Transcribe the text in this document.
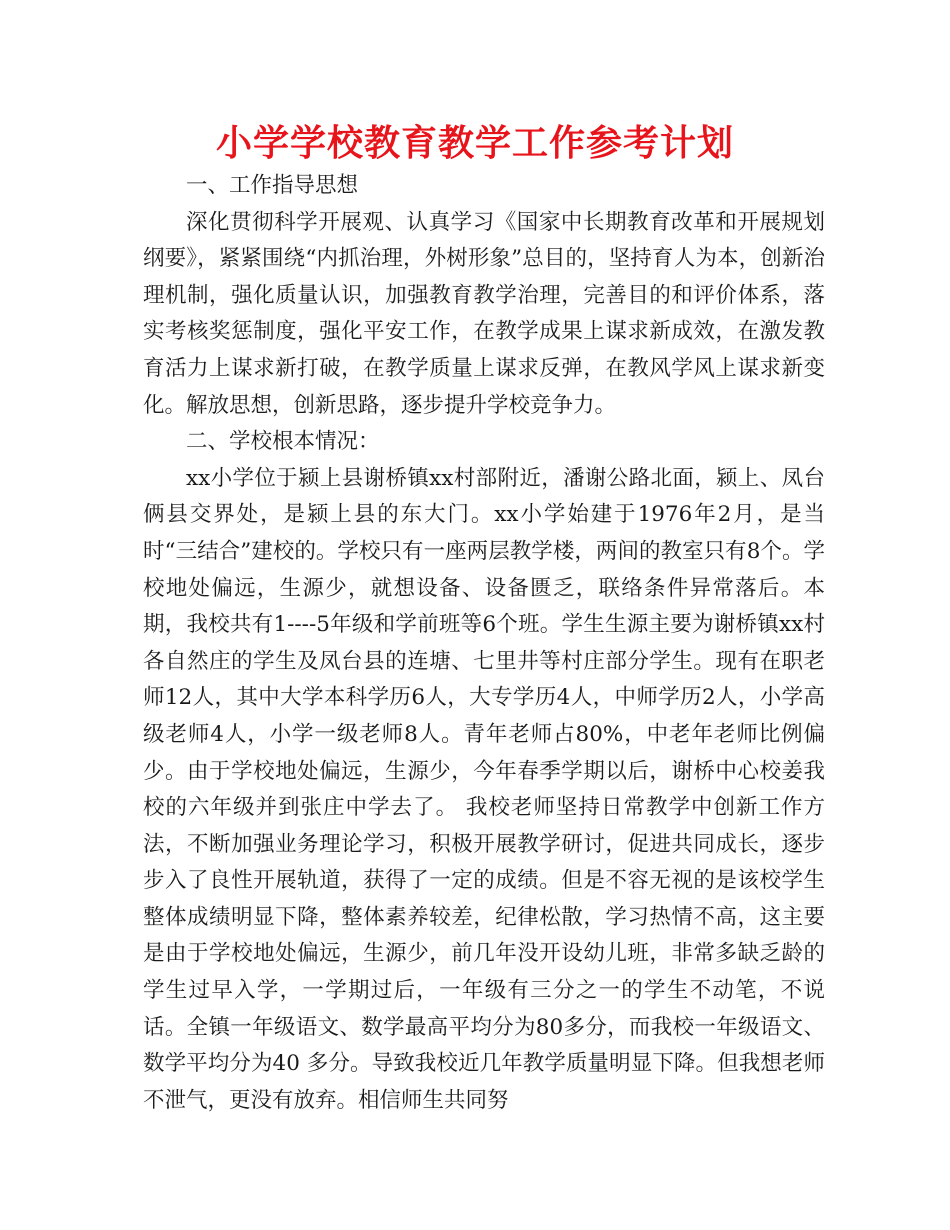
小学学校教育教学工作参考计划

一、工作指导思想

深化贯彻科学开展观、认真学习《国家中长期教育改革和开展规划纲要》，紧紧围绕“内抓治理，外树形象”总目的，坚持育人为本，创新治理机制，强化质量认识，加强教育教学治理，完善目的和评价体系，落实考核奖惩制度，强化平安工作，在教学成果上谋求新成效，在激发教育活力上谋求新打破，在教学质量上谋求反弹，在教风学风上谋求新变化。解放思想，创新思路，逐步提升学校竞争力。

二、学校根本情况：

xx小学位于颍上县谢桥镇xx村部附近，潘谢公路北面，颍上、凤台俩县交界处，是颍上县的东大门。xx小学始建于1976年2月，是当时“三结合”建校的。学校只有一座两层教学楼，两间的教室只有8个。学校地处偏远，生源少，就想设备、设备匮乏，联络条件异常落后。本期，我校共有1----5年级和学前班等6个班。学生生源主要为谢桥镇xx村各自然庄的学生及凤台县的连塘、七里井等村庄部分学生。现有在职老师12人，其中大学本科学历6人，大专学历4人，中师学历2人，小学高级老师4人，小学一级老师8人。青年老师占80%，中老年老师比例偏少。由于学校地处偏远，生源少，今年春季学期以后，谢桥中心校姜我校的六年级并到张庄中学去了。 我校老师坚持日常教学中创新工作方法，不断加强业务理论学习，积极开展教学研讨，促进共同成长，逐步步入了良性开展轨道，获得了一定的成绩。但是不容无视的是该校学生整体成绩明显下降，整体素养较差，纪律松散，学习热情不高，这主要是由于学校地处偏远，生源少，前几年没开设幼儿班，非常多缺乏龄的学生过早入学，一学期过后，一年级有三分之一的学生不动笔，不说话。全镇一年级语文、数学最高平均分为80多分，而我校一年级语文、数学平均分为40 多分。导致我校近几年教学质量明显下降。但我想老师不泄气，更没有放弃。相信师生共同努
